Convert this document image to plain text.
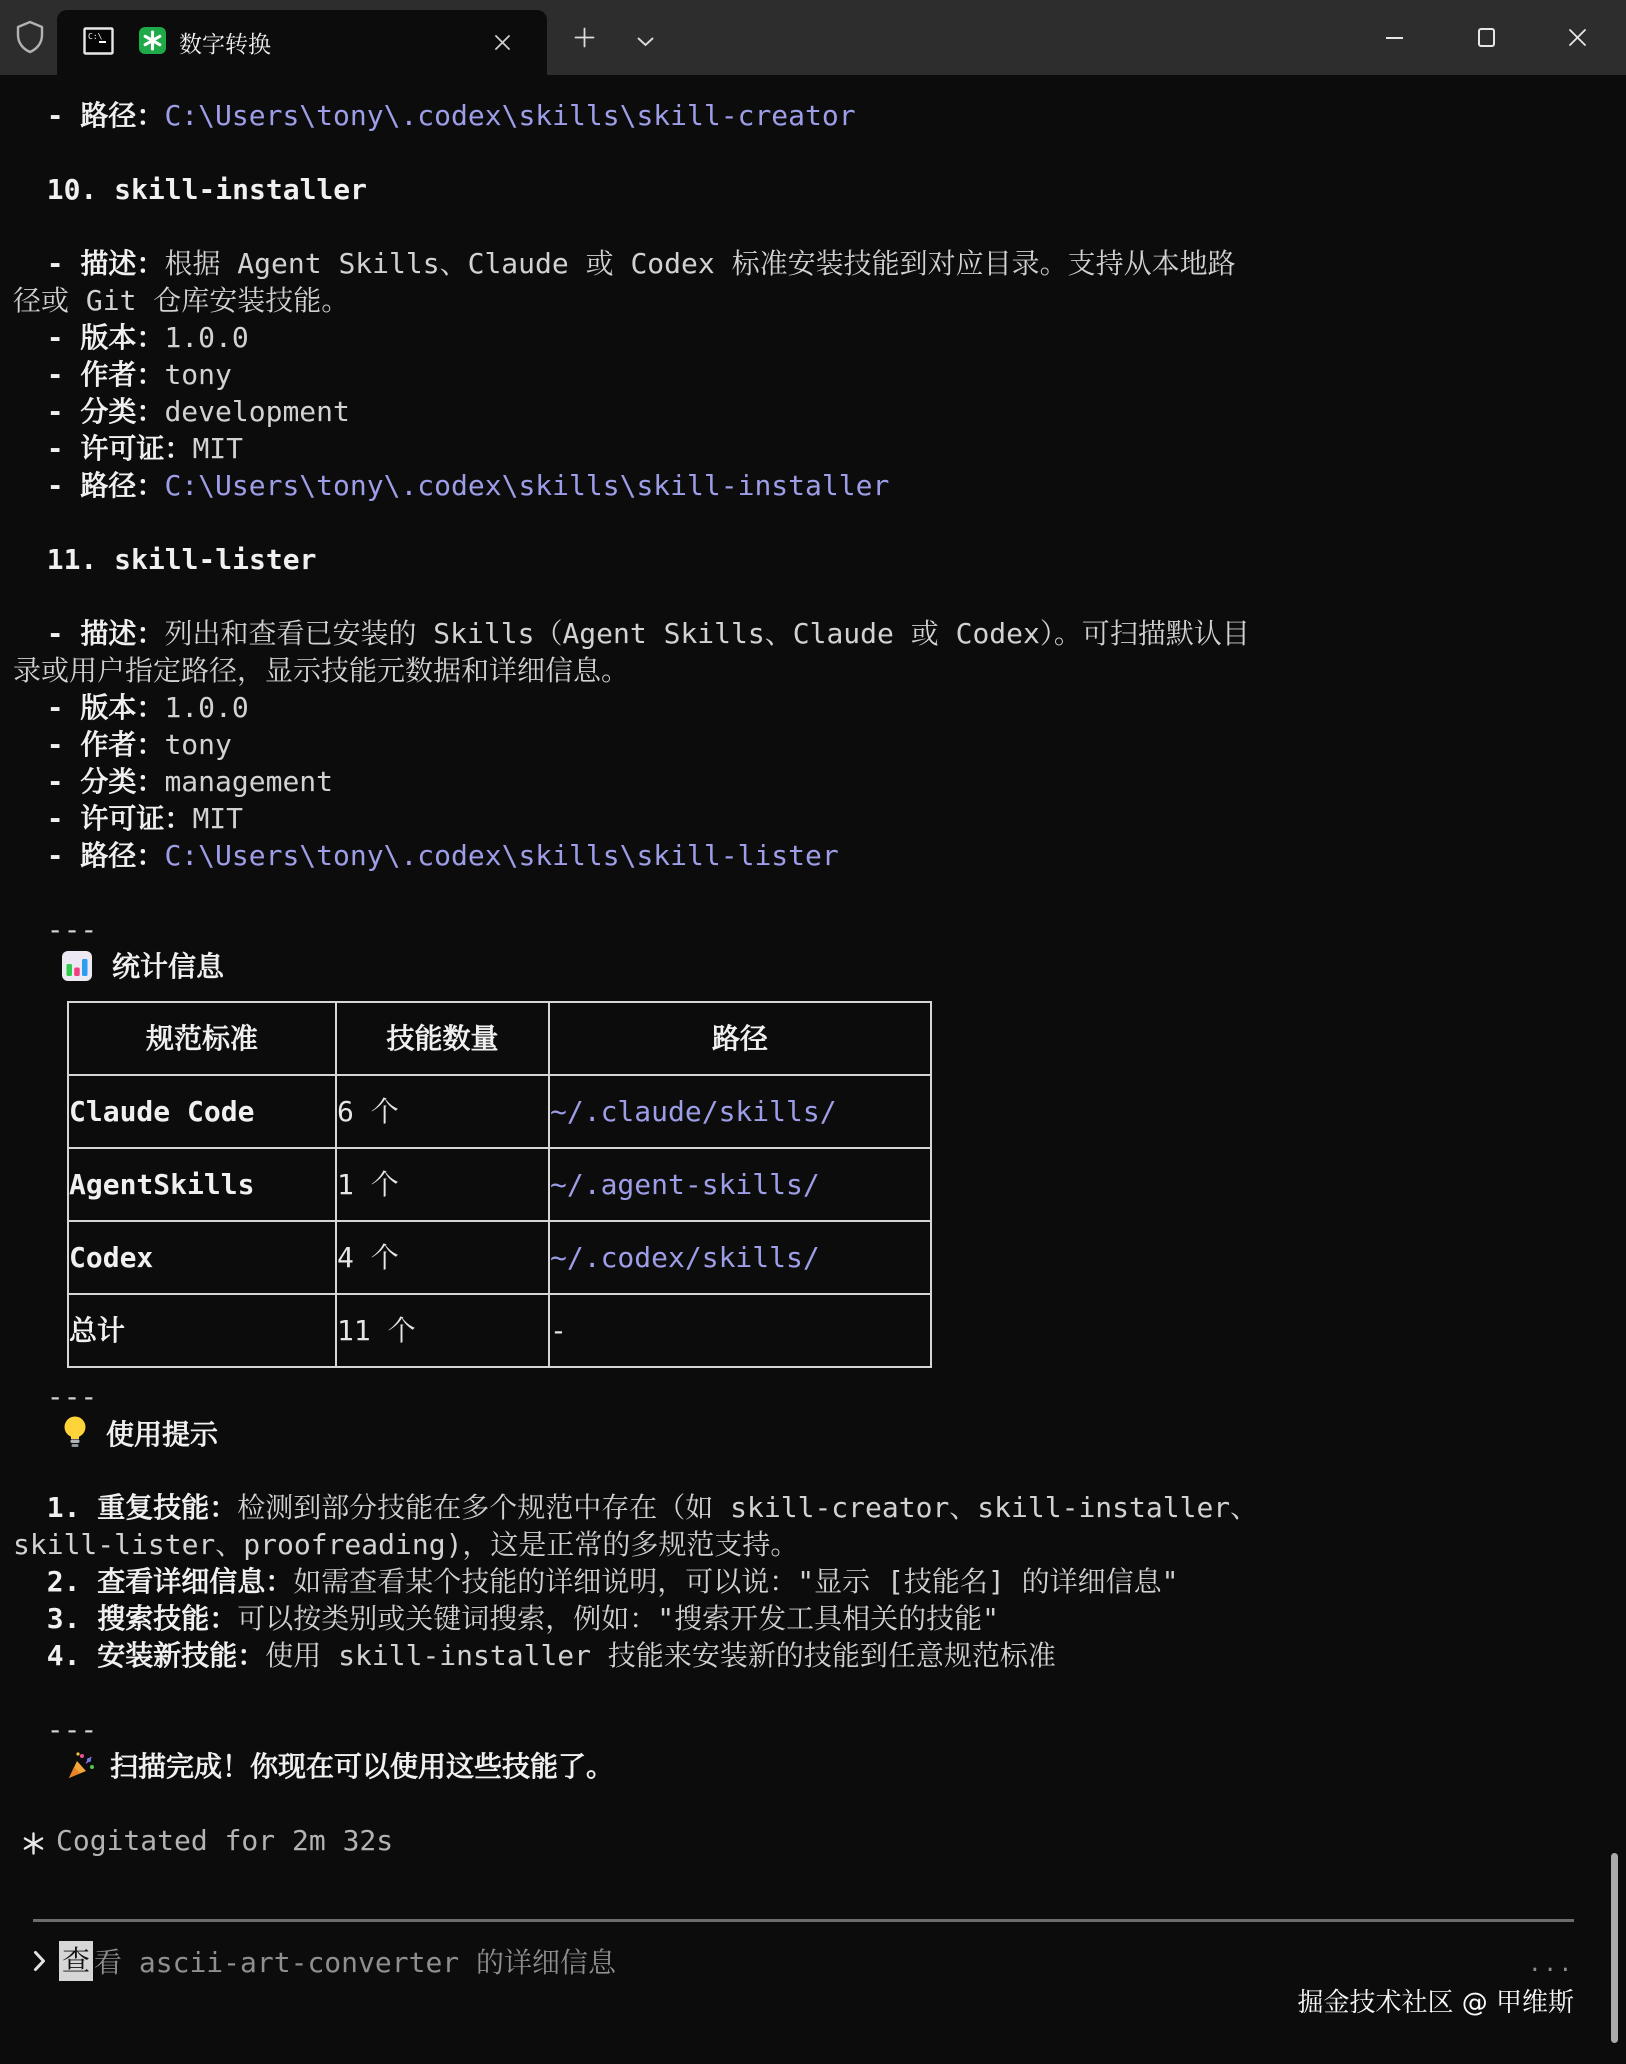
C:\	数字转换
- 路径：C:\Users\tony\.codex\skills\skill-creator
10. skill-installer
- 描述：根据 Agent Skills、Claude 或 Codex 标准安装技能到对应目录。支持从本地路
径或 Git 仓库安装技能。
- 版本：1.0.0
- 作者：tony
- 分类：development
- 许可证：MIT
- 路径：C:\Users\tony\.codex\skills\skill-installer
11. skill-lister
- 描述：列出和查看已安装的 Skills（Agent Skills、Claude 或 Codex）。可扫描默认目
录或用户指定路径，显示技能元数据和详细信息。
- 版本：1.0.0
- 作者：tony
- 分类：management
- 许可证：MIT
- 路径：C:\Users\tony\.codex\skills\skill-lister
---
统计信息
规范标准	技能数量	路径
Claude Code	6 个	~/.claude/skills/
AgentSkills	1 个	~/.agent-skills/
Codex	4 个	~/.codex/skills/
总计	11 个	-
---
使用提示
1. 重复技能：检测到部分技能在多个规范中存在（如 skill-creator、skill-installer、
skill-lister、proofreading)，这是正常的多规范支持。
2. 查看详细信息：如需查看某个技能的详细说明，可以说："显示 [技能名] 的详细信息"
3. 搜索技能：可以按类别或关键词搜索，例如："搜索开发工具相关的技能"
4. 安装新技能：使用 skill-installer 技能来安装新的技能到任意规范标准
---
扫描完成！你现在可以使用这些技能了。
Cogitated for 2m 32s
查 看 ascii-art-converter 的详细信息	...
掘金技术社区 @ 甲维斯
